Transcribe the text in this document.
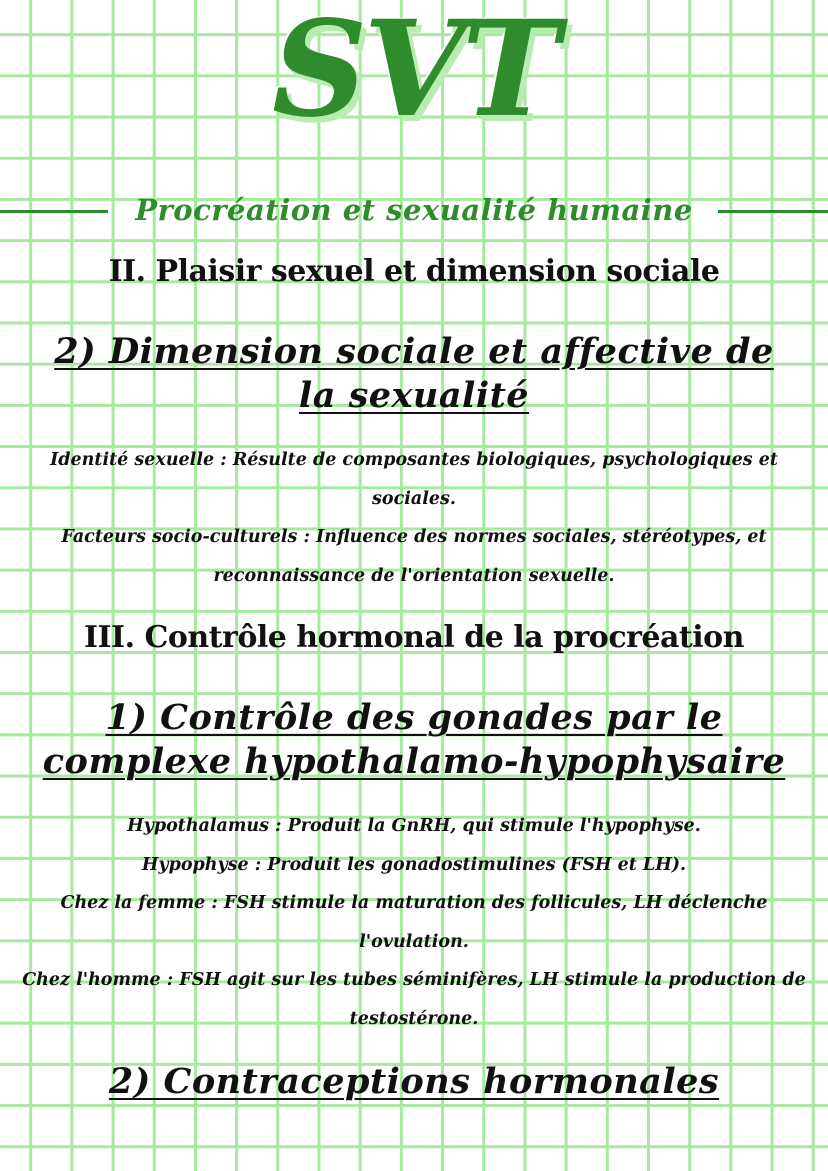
SVT
Procréation et sexualité humaine
II. Plaisir sexuel et dimension sociale
2) Dimension sociale et affective de la sexualité

Identité sexuelle : Résulte de composantes biologiques, psychologiques et sociales.

Facteurs socio-culturels : Influence des normes sociales, stéréotypes, et reconnaissance de l'orientation sexuelle.

III. Contrôle hormonal de la procréation
1) Contrôle des gonades par le complexe hypothalamo-hypophysaire

Hypothalamus : Produit la GnRH, qui stimule l'hypophyse.

Hypophyse : Produit les gonadostimulines (FSH et LH).

Chez la femme : FSH stimule la maturation des follicules, LH déclenche l'ovulation.

Chez l'homme : FSH agit sur les tubes séminifères, LH stimule la production de testostérone.

2) Contraceptions hormonales
